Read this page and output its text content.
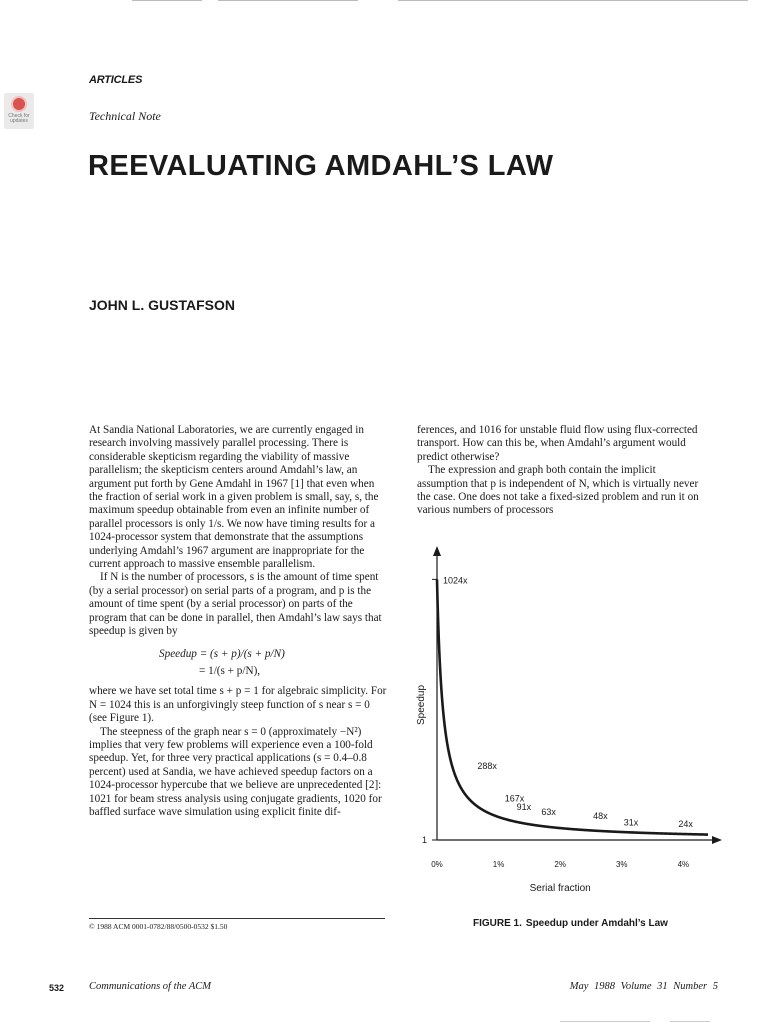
Check for updates
ARTICLES
Technical Note
REEVALUATING AMDAHL’S LAW
JOHN L. GUSTAFSON

At Sandia National Laboratories, we are currently engaged in research involving massively parallel processing. There is considerable skepticism regarding the viability of massive parallelism; the skepticism centers around Amdahl’s law, an argument put forth by Gene Amdahl in 1967 [1] that even when the fraction of serial work in a given problem is small, say, s, the maximum speedup obtainable from even an infinite number of parallel processors is only 1/s. We now have timing results for a 1024-processor system that demonstrate that the assumptions underlying Amdahl’s 1967 argument are inappropriate for the current approach to massive ensemble parallelism.

If N is the number of processors, s is the amount of time spent (by a serial processor) on serial parts of a program, and p is the amount of time spent (by a serial processor) on parts of the program that can be done in parallel, then Amdahl’s law says that speedup is given by

Speedup = (s + p)/(s + p/N)

= 1/(s + p/N),

where we have set total time s + p = 1 for algebraic simplicity. For N = 1024 this is an unforgivingly steep function of s near s = 0 (see Figure 1).

The steepness of the graph near s = 0 (approximately −N²) implies that very few problems will experience even a 100-fold speedup. Yet, for three very practical applications (s = 0.4–0.8 percent) used at Sandia, we have achieved speedup factors on a 1024-processor hypercube that we believe are unprecedented [2]: 1021 for beam stress analysis using conjugate gradients, 1020 for baffled surface wave simulation using explicit finite dif-

ferences, and 1016 for unstable fluid flow using flux-corrected transport. How can this be, when Amdahl’s argument would predict otherwise?

The expression and graph both contain the implicit assumption that p is independent of N, which is virtually never the case. One does not take a fixed-sized problem and run it on various numbers of processors

1
0%	1%	2%	3%	4%
Serial fraction
Speedup
1024x
288x
167x
91x
63x	48x
31x	24x
© 1988 ACM 0001-0782/88/0500-0532 $1.50	FIGURE 1. Speedup under Amdahl’s Law
532 Communications of the ACM	May 1988 Volume 31 Number 5
